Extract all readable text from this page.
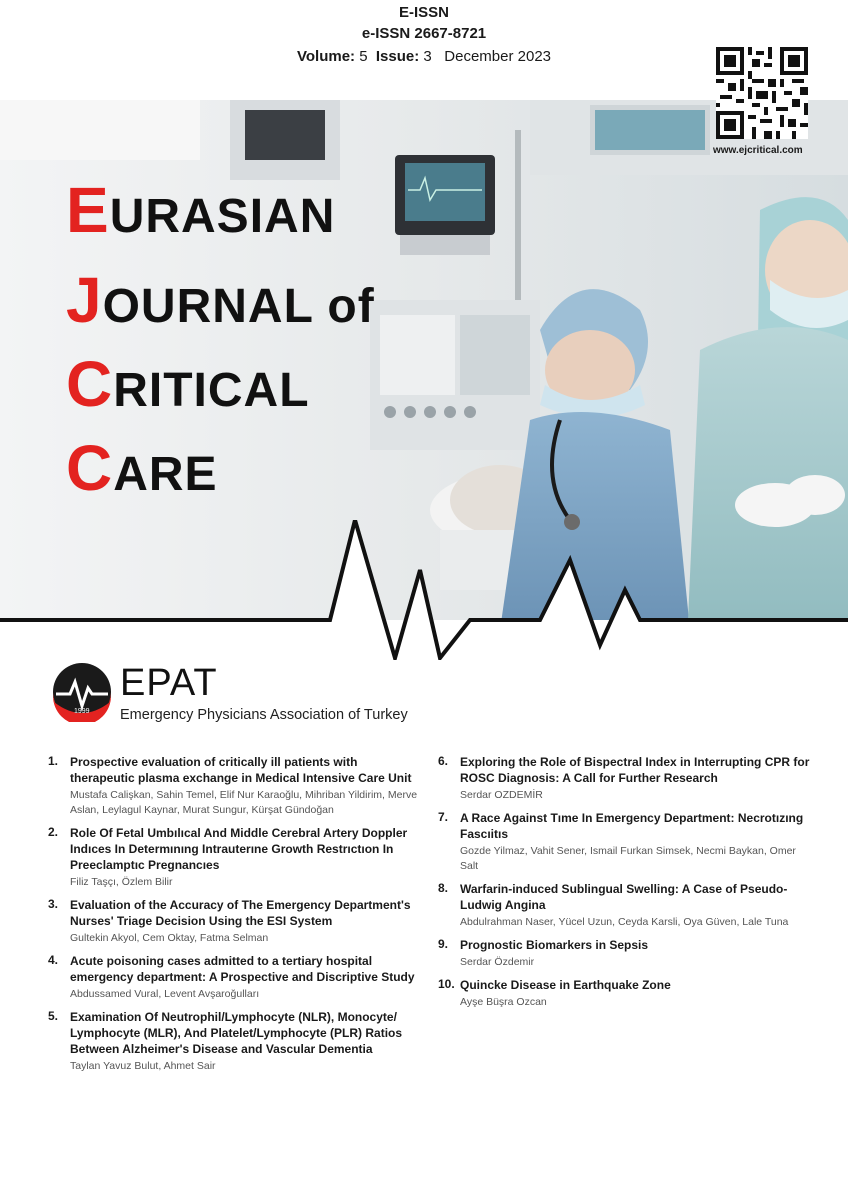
E-ISSN
e-ISSN 2667-8721
Volume: 5 Issue: 3 December 2023
www.ejcritical.com
EURASIAN
JOURNAL of
CRITICAL
CARE
1999
EPAT
Emergency Physicians Association of Turkey
1. Prospective evaluation of critically ill patients with therapeutic plasma exchange in Medical Intensive Care Unit
Mustafa Calişkan, Sahin Temel, Elif Nur Karaoğlu, Mihriban Yildirim, Merve Aslan, Leylagul Kaynar, Murat Sungur, Kürşat Gündoğan
2. Role Of Fetal Umbılıcal And Middle Cerebral Artery Doppler Indıces In Determınıng Intrauterıne Growth Restrıctıon In Preeclamptıc Pregnancıes
Filiz Taşçı, Özlem Bilir
3. Evaluation of the Accuracy of The Emergency Department's Nurses' Triage Decision Using the ESI System
Gultekin Akyol, Cem Oktay, Fatma Selman
4. Acute poisoning cases admitted to a tertiary hospital emergency department: A Prospective and Discriptive Study
Abdussamed Vural, Levent Avşaroğulları
5. Examination Of Neutrophil/Lymphocyte (NLR), Monocyte/ Lymphocyte (MLR), And Platelet/Lymphocyte (PLR) Ratios Between Alzheimer's Disease and Vascular Dementia
Taylan Yavuz Bulut, Ahmet Sair
6. Exploring the Role of Bispectral Index in Interrupting CPR for ROSC Diagnosis: A Call for Further Research
Serdar OZDEMİR
7. A Race Against Tıme In Emergency Department: Necrotızıng Fascıitıs
Gozde Yilmaz, Vahit Sener, Ismail Furkan Simsek, Necmi Baykan, Omer Salt
8. Warfarin-induced Sublingual Swelling: A Case of Pseudo-Ludwig Angina
Abdulrahman Naser, Yücel Uzun, Ceyda Karsli, Oya Güven, Lale Tuna
9. Prognostic Biomarkers in Sepsis
Serdar Özdemir
10. Quincke Disease in Earthquake Zone
Ayşe Büşra Ozcan
